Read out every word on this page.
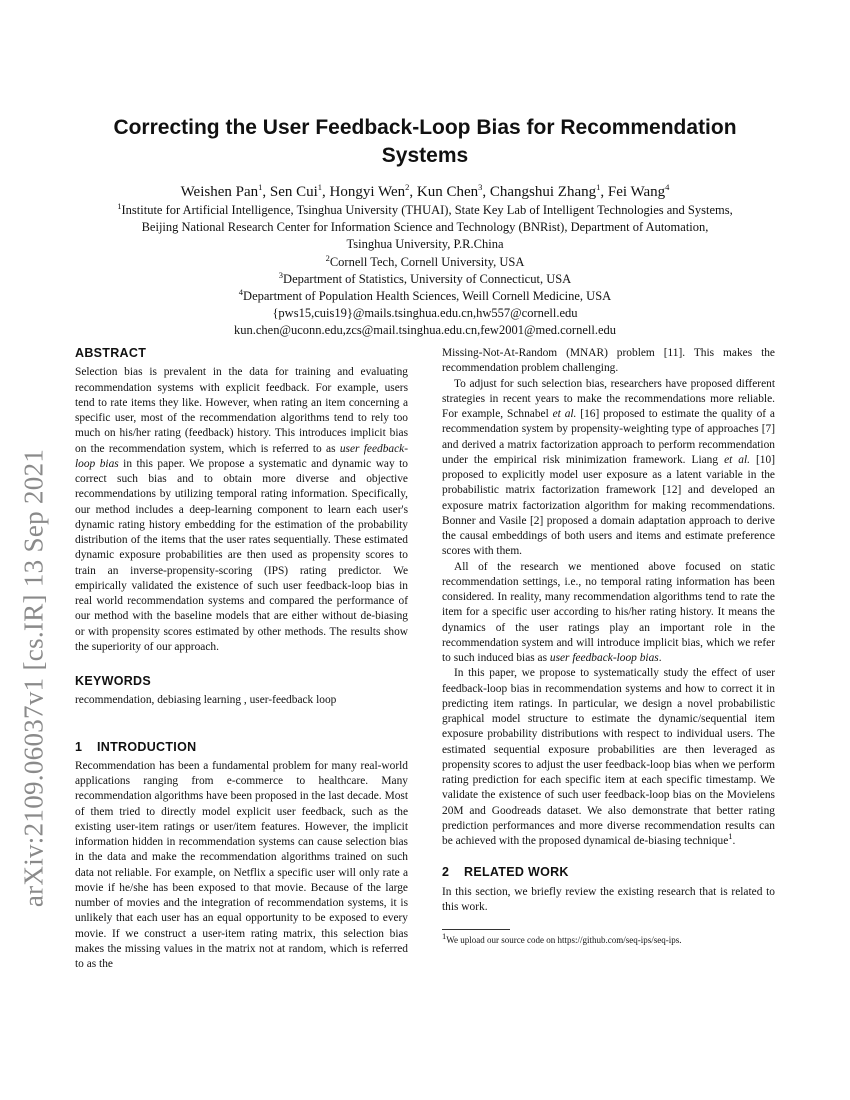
arXiv:2109.06037v1 [cs.IR] 13 Sep 2021
Correcting the User Feedback-Loop Bias for Recommendation
Systems
Weishen Pan$^1$, Sen Cui$^1$, Hongyi Wen$^2$, Kun Chen$^3$, Changshui Zhang$^1$, Fei Wang$^4$
$^1$Institute for Artificial Intelligence, Tsinghua University (THUAI), State Key Lab of Intelligent Technologies and Systems,
Beijing National Research Center for Information Science and Technology (BNRist), Department of Automation,
Tsinghua University, P.R.China
$^2$Cornell Tech, Cornell University, USA
$^3$Department of Statistics, University of Connecticut, USA
$^4$Department of Population Health Sciences, Weill Cornell Medicine, USA
{pws15,cuis19}@mails.tsinghua.edu.cn,hw557@cornell.edu
kun.chen@uconn.edu,zcs@mail.tsinghua.edu.cn,few2001@med.cornell.edu
ABSTRACT

Selection bias is prevalent in the data for training and evaluating recommendation systems with explicit feedback. For example, users tend to rate items they like. However, when rating an item concerning a specific user, most of the recommendation algorithms tend to rely too much on his/her rating (feedback) history. This introduces implicit bias on the recommendation system, which is referred to as user feedback-loop bias in this paper. We propose a systematic and dynamic way to correct such bias and to obtain more diverse and objective recommendations by utilizing temporal rating information. Specifically, our method includes a deep-learning component to learn each user's dynamic rating history embedding for the estimation of the probability distribution of the items that the user rates sequentially. These estimated dynamic exposure probabilities are then used as propensity scores to train an inverse-propensity-scoring (IPS) rating predictor. We empirically validated the existence of such user feedback-loop bias in real world recommendation systems and compared the performance of our method with the baseline models that are either without de-biasing or with propensity scores estimated by other methods. The results show the superiority of our approach.

KEYWORDS

recommendation, debiasing learning , user-feedback loop

1 INTRODUCTION

Recommendation has been a fundamental problem for many real-world applications ranging from e-commerce to healthcare. Many recommendation algorithms have been proposed in the last decade. Most of them tried to directly model explicit user feedback, such as the existing user-item ratings or user/item features. However, the implicit information hidden in recommendation systems can cause selection bias in the data and make the recommendation algorithms trained on such data not reliable. For example, on Netflix a specific user will only rate a movie if he/she has been exposed to that movie. Because of the large number of movies and the integration of recommendation systems, it is unlikely that each user has an equal opportunity to be exposed to every movie. If we construct a user-item rating matrix, this selection bias makes the missing values in the matrix not at random, which is referred to as the

Missing-Not-At-Random (MNAR) problem [11]. This makes the recommendation problem challenging.

To adjust for such selection bias, researchers have proposed different strategies in recent years to make the recommendations more reliable. For example, Schnabel et al. [16] proposed to estimate the quality of a recommendation system by propensity-weighting type of approaches [7] and derived a matrix factorization approach to perform recommendation under the empirical risk minimization framework. Liang et al. [10] proposed to explicitly model user exposure as a latent variable in the probabilistic matrix factorization framework [12] and developed an exposure matrix factorization algorithm for making recommendations. Bonner and Vasile [2] proposed a domain adaptation approach to derive the causal embeddings of both users and items and estimate preference scores with them.

All of the research we mentioned above focused on static recommendation settings, i.e., no temporal rating information has been considered. In reality, many recommendation algorithms tend to rate the item for a specific user according to his/her rating history. It means the dynamics of the user ratings play an important role in the recommendation system and will introduce implicit bias, which we refer to such induced bias as user feedback-loop bias.

In this paper, we propose to systematically study the effect of user feedback-loop bias in recommendation systems and how to correct it in predicting item ratings. In particular, we design a novel probabilistic graphical model structure to estimate the dynamic/sequential item exposure probability distributions with respect to individual users. The estimated sequential exposure probabilities are then leveraged as propensity scores to adjust the user feedback-loop bias when we perform rating prediction for each specific item at each specific timestamp. We validate the existence of such user feedback-loop bias on the Movielens 20M and Goodreads dataset. We also demonstrate that better rating prediction performances and more diverse recommendation results can be achieved with the proposed dynamical de-biasing technique$^1$.

2 RELATED WORK

In this section, we briefly review the existing research that is related to this work.

$^1$We upload our source code on https://github.com/seq-ips/seq-ips.
